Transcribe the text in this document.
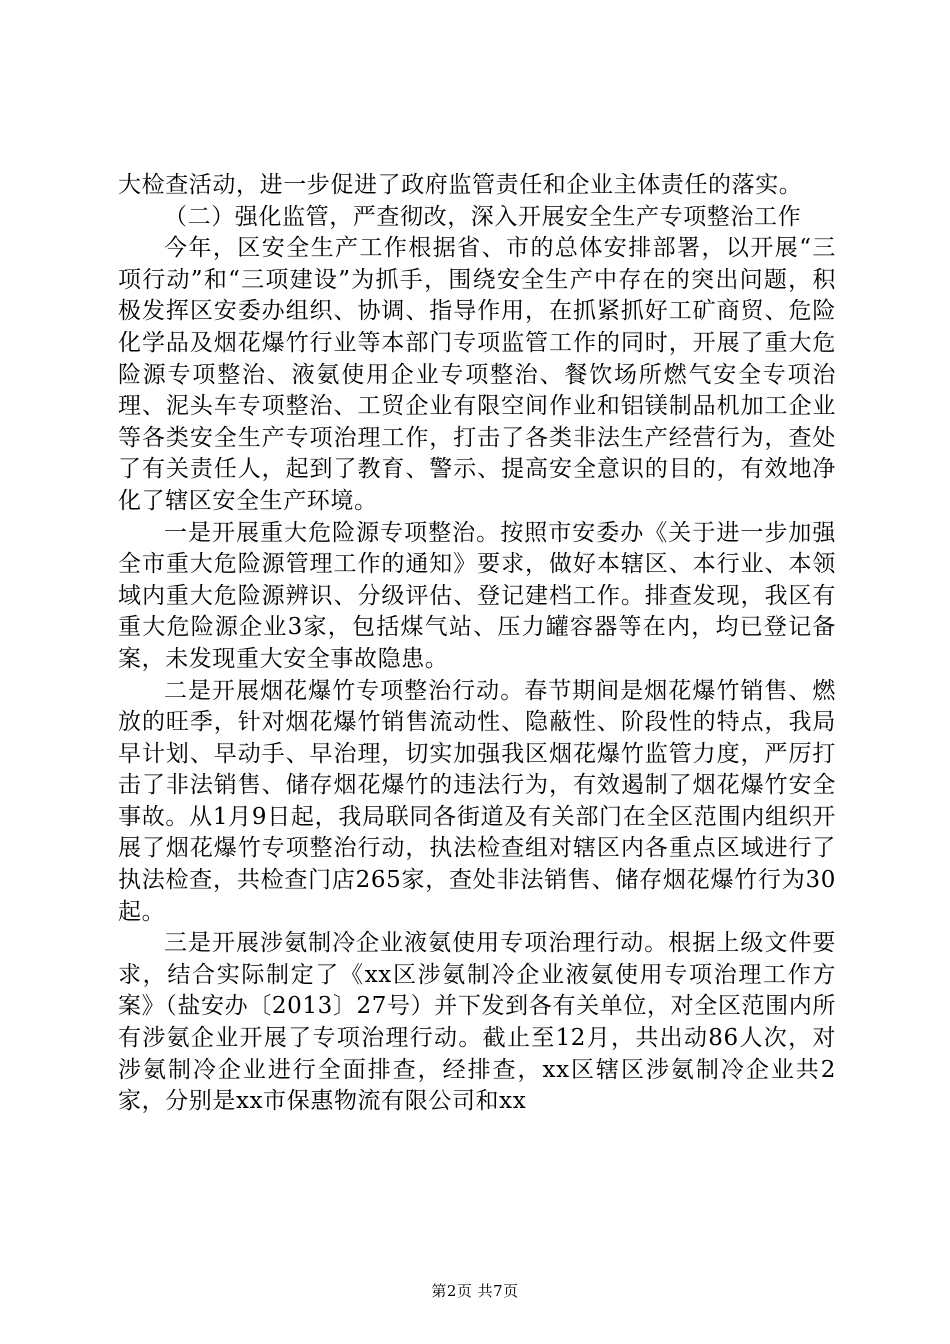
大检查活动，进一步促进了政府监管责任和企业主体责任的落实。

（二）强化监管，严查彻改，深入开展安全生产专项整治工作

今年，区安全生产工作根据省、市的总体安排部署，以开展“三项行动”和“三项建设”为抓手，围绕安全生产中存在的突出问题，积极发挥区安委办组织、协调、指导作用，在抓紧抓好工矿商贸、危险化学品及烟花爆竹行业等本部门专项监管工作的同时，开展了重大危险源专项整治、液氨使用企业专项整治、餐饮场所燃气安全专项治理、泥头车专项整治、工贸企业有限空间作业和铝镁制品机加工企业等各类安全生产专项治理工作，打击了各类非法生产经营行为，查处了有关责任人，起到了教育、警示、提高安全意识的目的，有效地净化了辖区安全生产环境。

一是开展重大危险源专项整治。按照市安委办《关于进一步加强全市重大危险源管理工作的通知》要求，做好本辖区、本行业、本领域内重大危险源辨识、分级评估、登记建档工作。排查发现，我区有重大危险源企业3家，包括煤气站、压力罐容器等在内，均已登记备案，未发现重大安全事故隐患。

二是开展烟花爆竹专项整治行动。春节期间是烟花爆竹销售、燃放的旺季，针对烟花爆竹销售流动性、隐蔽性、阶段性的特点，我局早计划、早动手、早治理，切实加强我区烟花爆竹监管力度，严厉打击了非法销售、储存烟花爆竹的违法行为，有效遏制了烟花爆竹安全事故。从1月9日起，我局联同各街道及有关部门在全区范围内组织开展了烟花爆竹专项整治行动，执法检查组对辖区内各重点区域进行了执法检查，共检查门店265家，查处非法销售、储存烟花爆竹行为30起。

三是开展涉氨制冷企业液氨使用专项治理行动。根据上级文件要求，结合实际制定了《xx区涉氨制冷企业液氨使用专项治理工作方案》（盐安办〔2013〕27号）并下发到各有关单位，对全区范围内所有涉氨企业开展了专项治理行动。截止至12月，共出动86人次，对涉氨制冷企业进行全面排查，经排查，xx区辖区涉氨制冷企业共2家，分别是xx市保惠物流有限公司和xx

第2页 共7页
